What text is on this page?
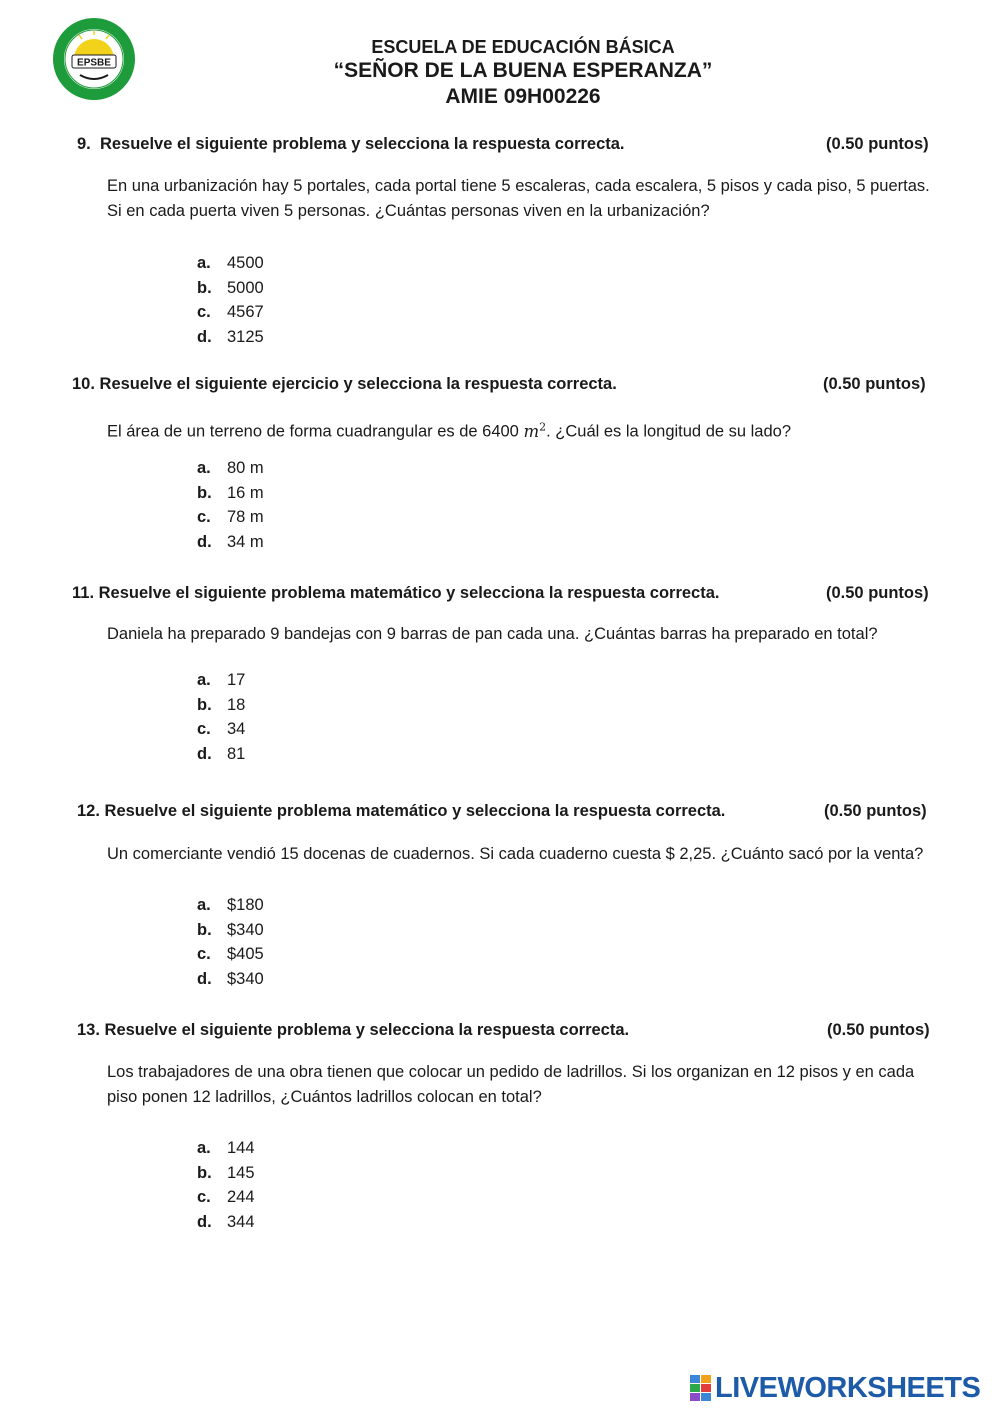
EPSBE
ESCUELA DE EDUCACIÓN BÁSICA
“SEÑOR DE LA BUENA ESPERANZA”
AMIE 09H00226
9. Resuelve el siguiente problema y selecciona la respuesta correcta.	(0.50 puntos)
En una urbanización hay 5 portales, cada portal tiene 5 escaleras, cada escalera, 5 pisos y cada piso, 5 puertas. Si en cada puerta viven 5 personas. ¿Cuántas personas viven en la urbanización?
a. 4500
b. 5000
c. 4567
d. 3125
10. Resuelve el siguiente ejercicio y selecciona la respuesta correcta.	(0.50 puntos)
El área de un terreno de forma cuadrangular es de 6400 $m^2$. ¿Cuál es la longitud de su lado?
a. 80 m
b. 16 m
c. 78 m
d. 34 m
11. Resuelve el siguiente problema matemático y selecciona la respuesta correcta.	(0.50 puntos)
Daniela ha preparado 9 bandejas con 9 barras de pan cada una. ¿Cuántas barras ha preparado en total?
a. 17
b. 18
c. 34
d. 81
12. Resuelve el siguiente problema matemático y selecciona la respuesta correcta.	(0.50 puntos)
Un comerciante vendió 15 docenas de cuadernos. Si cada cuaderno cuesta $ 2,25. ¿Cuánto sacó por la venta?
a. $180
b. $340
c. $405
d. $340
13. Resuelve el siguiente problema y selecciona la respuesta correcta.	(0.50 puntos)
Los trabajadores de una obra tienen que colocar un pedido de ladrillos. Si los organizan en 12 pisos y en cada piso ponen 12 ladrillos, ¿Cuántos ladrillos colocan en total?
a. 144
b. 145
c. 244
d. 344
LIVEWORKSHEETS
